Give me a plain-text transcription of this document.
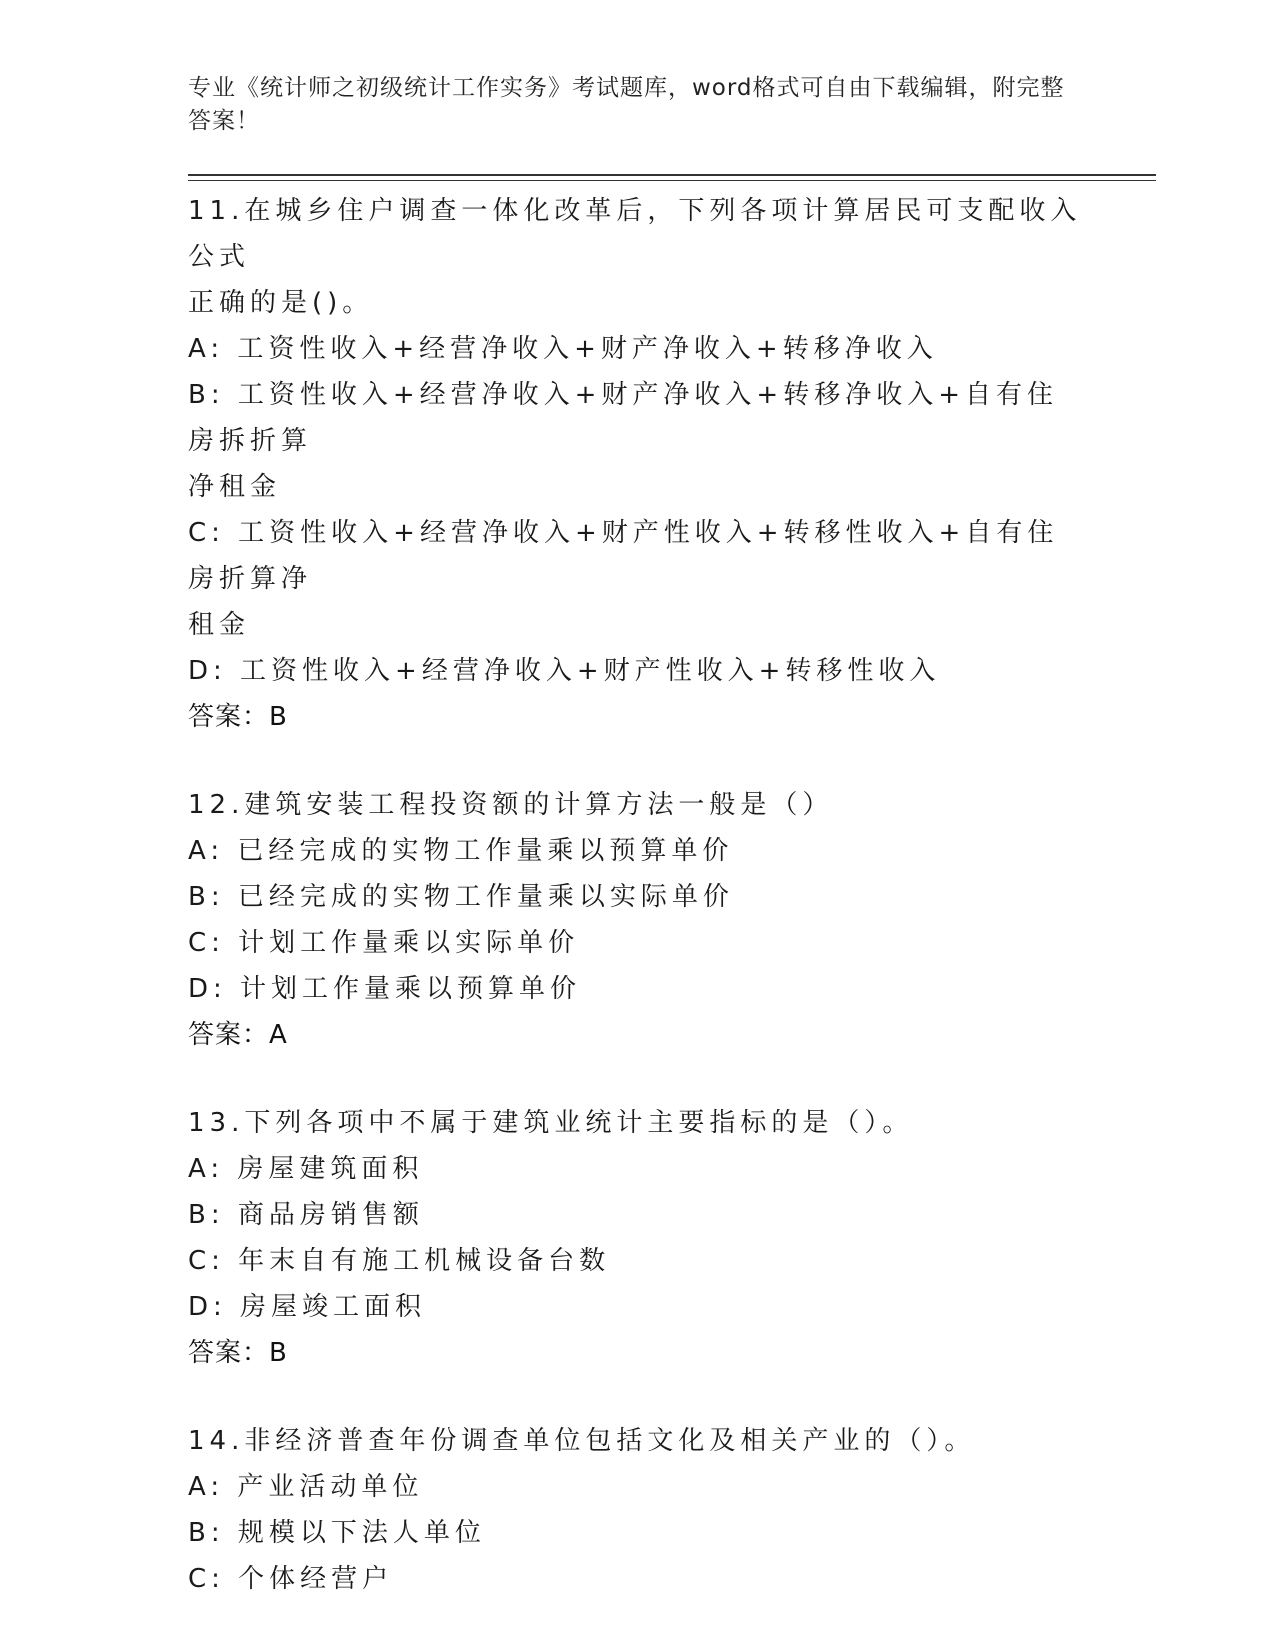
专业《统计师之初级统计工作实务》考试题库，word格式可自由下载编辑，附完整答案！
11.在城乡住户调查一体化改革后，下列各项计算居民可支配收入公式
正确的是()。
A: 工资性收入+经营净收入+财产净收入+转移净收入
B: 工资性收入+经营净收入+财产净收入+转移净收入+自有住房拆折算
净租金
C: 工资性收入+经营净收入+财产性收入+转移性收入+自有住房折算净
租金
D: 工资性收入+经营净收入+财产性收入+转移性收入
答案：B
12.建筑安装工程投资额的计算方法一般是（）
A: 已经完成的实物工作量乘以预算单价
B: 已经完成的实物工作量乘以实际单价
C: 计划工作量乘以实际单价
D: 计划工作量乘以预算单价
答案：A
13.下列各项中不属于建筑业统计主要指标的是（）。
A: 房屋建筑面积
B: 商品房销售额
C: 年末自有施工机械设备台数
D: 房屋竣工面积
答案：B
14.非经济普查年份调查单位包括文化及相关产业的（）。
A: 产业活动单位
B: 规模以下法人单位
C: 个体经营户
